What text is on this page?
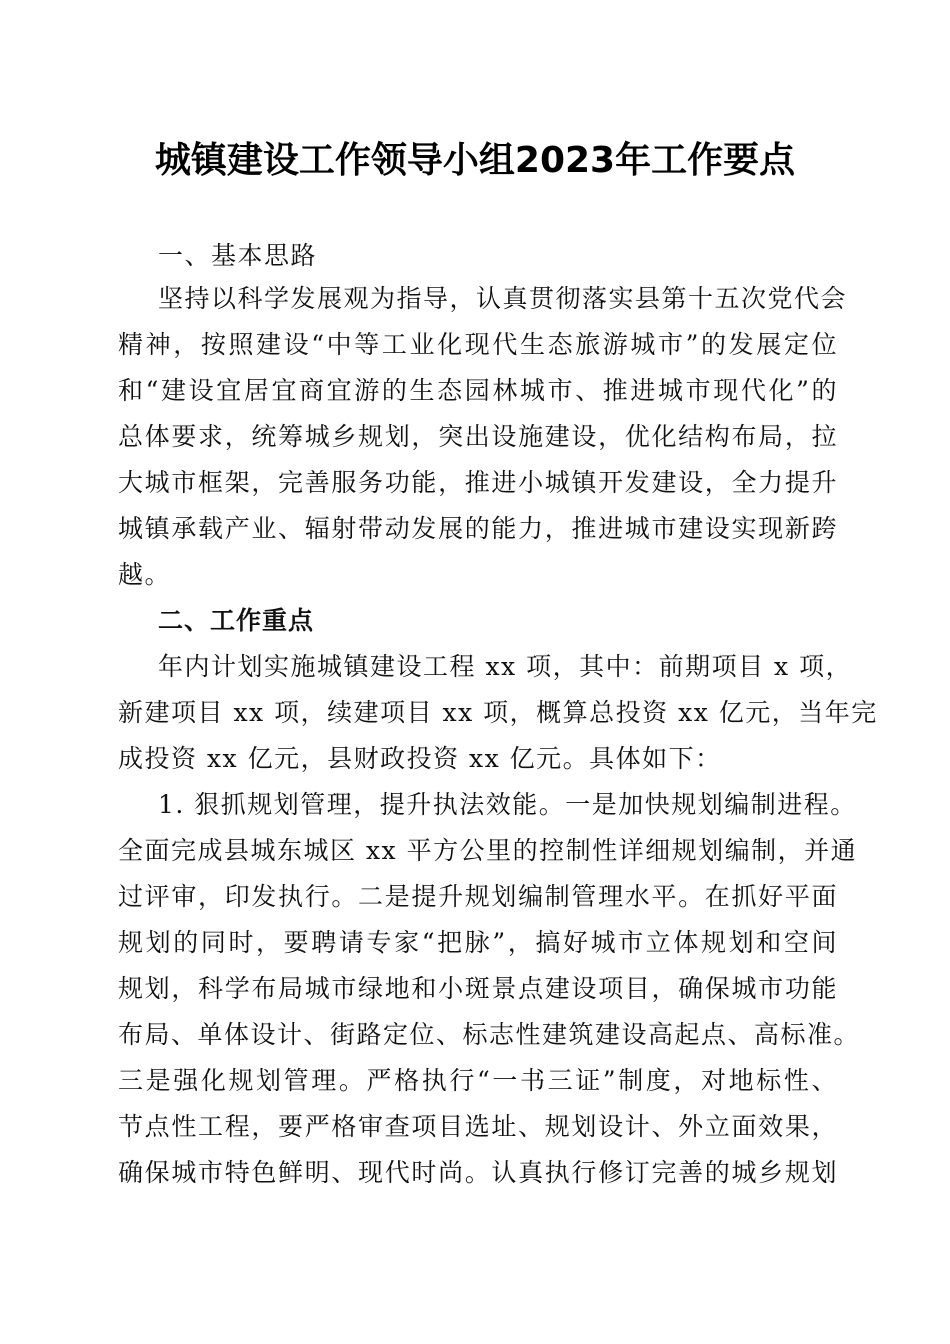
城镇建设工作领导小组2023年工作要点
一、基本思路
坚持以科学发展观为指导，认真贯彻落实县第十五次党代会
精神，按照建设“中等工业化现代生态旅游城市”的发展定位
和“建设宜居宜商宜游的生态园林城市、推进城市现代化”的
总体要求，统筹城乡规划，突出设施建设，优化结构布局，拉
大城市框架，完善服务功能，推进小城镇开发建设，全力提升
城镇承载产业、辐射带动发展的能力，推进城市建设实现新跨
越。
二、工作重点
年内计划实施城镇建设工程 xx 项，其中：前期项目 x 项，
新建项目 xx 项，续建项目 xx 项，概算总投资 xx 亿元，当年完
成投资 xx 亿元，县财政投资 xx 亿元。具体如下：
1. 狠抓规划管理，提升执法效能。一是加快规划编制进程。
全面完成县城东城区 xx 平方公里的控制性详细规划编制，并通
过评审，印发执行。二是提升规划编制管理水平。在抓好平面
规划的同时，要聘请专家“把脉”，搞好城市立体规划和空间
规划，科学布局城市绿地和小斑景点建设项目，确保城市功能
布局、单体设计、街路定位、标志性建筑建设高起点、高标准。
三是强化规划管理。严格执行“一书三证”制度，对地标性、
节点性工程，要严格审查项目选址、规划设计、外立面效果，
确保城市特色鲜明、现代时尚。认真执行修订完善的城乡规划
